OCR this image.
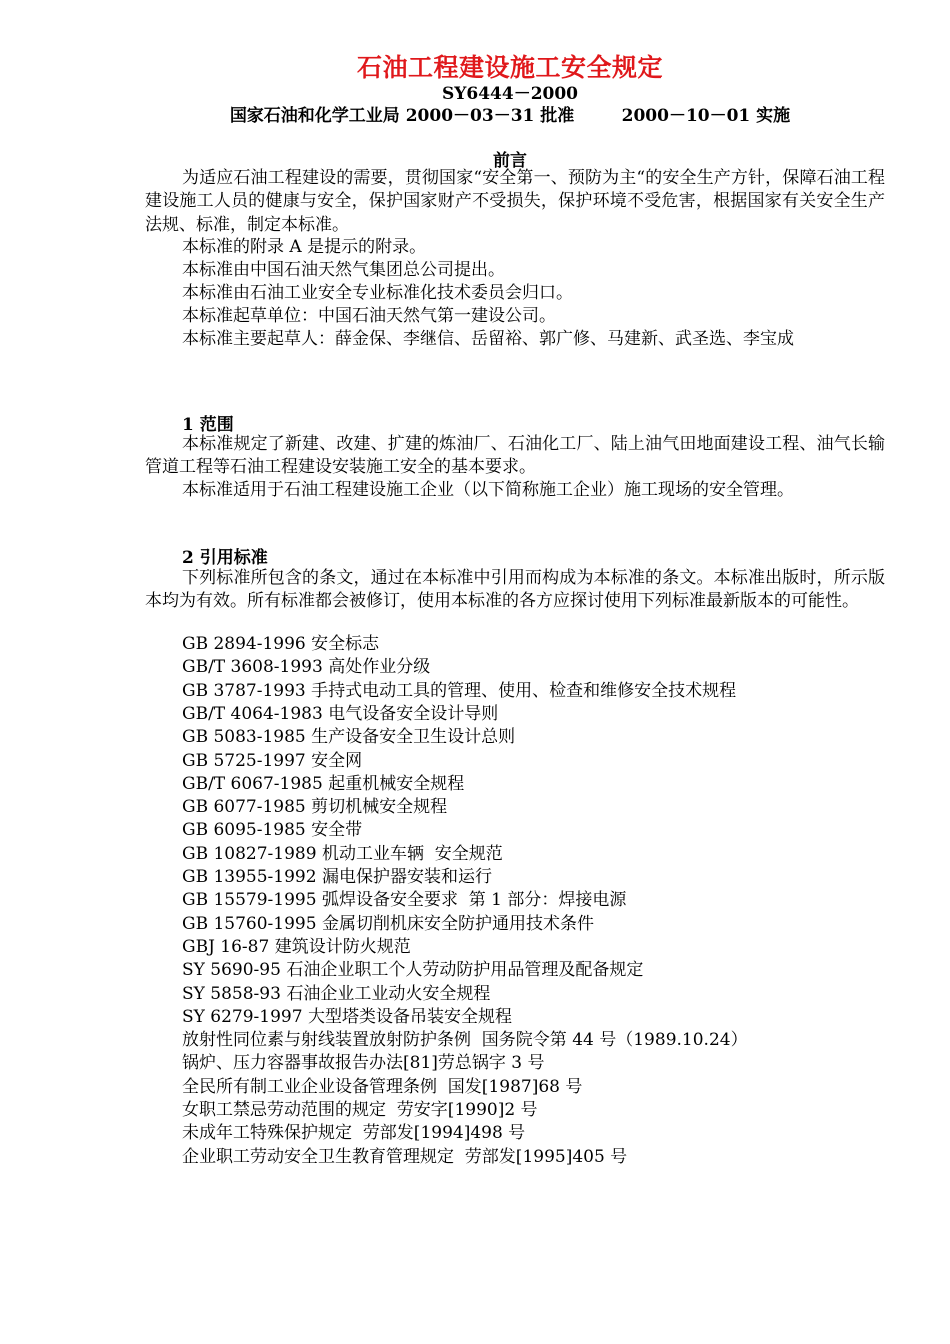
石油工程建设施工安全规定
SY6444－2000
国家石油和化学工业局 2000－03－31 批准        2000－10－01 实施
前言
为适应石油工程建设的需要，贯彻国家“安全第一、预防为主“的安全生产方针，保障石油工程建设施工人员的健康与安全，保护国家财产不受损失，保护环境不受危害，根据国家有关安全生产法规、标准，制定本标准。
本标准的附录 A 是提示的附录。
本标准由中国石油天然气集团总公司提出。
本标准由石油工业安全专业标准化技术委员会归口。
本标准起草单位：中国石油天然气第一建设公司。
本标准主要起草人：薛金保、李继信、岳留裕、郭广修、马建新、武圣选、李宝成
1 范围
本标准规定了新建、改建、扩建的炼油厂、石油化工厂、陆上油气田地面建设工程、油气长输管道工程等石油工程建设安装施工安全的基本要求。
本标准适用于石油工程建设施工企业（以下简称施工企业）施工现场的安全管理。
2 引用标准
下列标准所包含的条文，通过在本标准中引用而构成为本标准的条文。本标准出版时，所示版本均为有效。所有标准都会被修订，使用本标准的各方应探讨使用下列标准最新版本的可能性。
GB 2894-1996 安全标志
GB/T 3608-1993 高处作业分级
GB 3787-1993 手持式电动工具的管理、使用、检查和维修安全技术规程
GB/T 4064-1983 电气设备安全设计导则
GB 5083-1985 生产设备安全卫生设计总则
GB 5725-1997 安全网
GB/T 6067-1985 起重机械安全规程
GB 6077-1985 剪切机械安全规程
GB 6095-1985 安全带
GB 10827-1989 机动工业车辆  安全规范
GB 13955-1992 漏电保护器安装和运行
GB 15579-1995 弧焊设备安全要求  第 1 部分：焊接电源
GB 15760-1995 金属切削机床安全防护通用技术条件
GBJ 16-87 建筑设计防火规范
SY 5690-95 石油企业职工个人劳动防护用品管理及配备规定
SY 5858-93 石油企业工业动火安全规程
SY 6279-1997 大型塔类设备吊装安全规程
放射性同位素与射线装置放射防护条例  国务院令第 44 号（1989.10.24）
锅炉、压力容器事故报告办法[81]劳总锅字 3 号
全民所有制工业企业设备管理条例  国发[1987]68 号
女职工禁忌劳动范围的规定  劳安字[1990]2 号
未成年工特殊保护规定  劳部发[1994]498 号
企业职工劳动安全卫生教育管理规定  劳部发[1995]405 号
